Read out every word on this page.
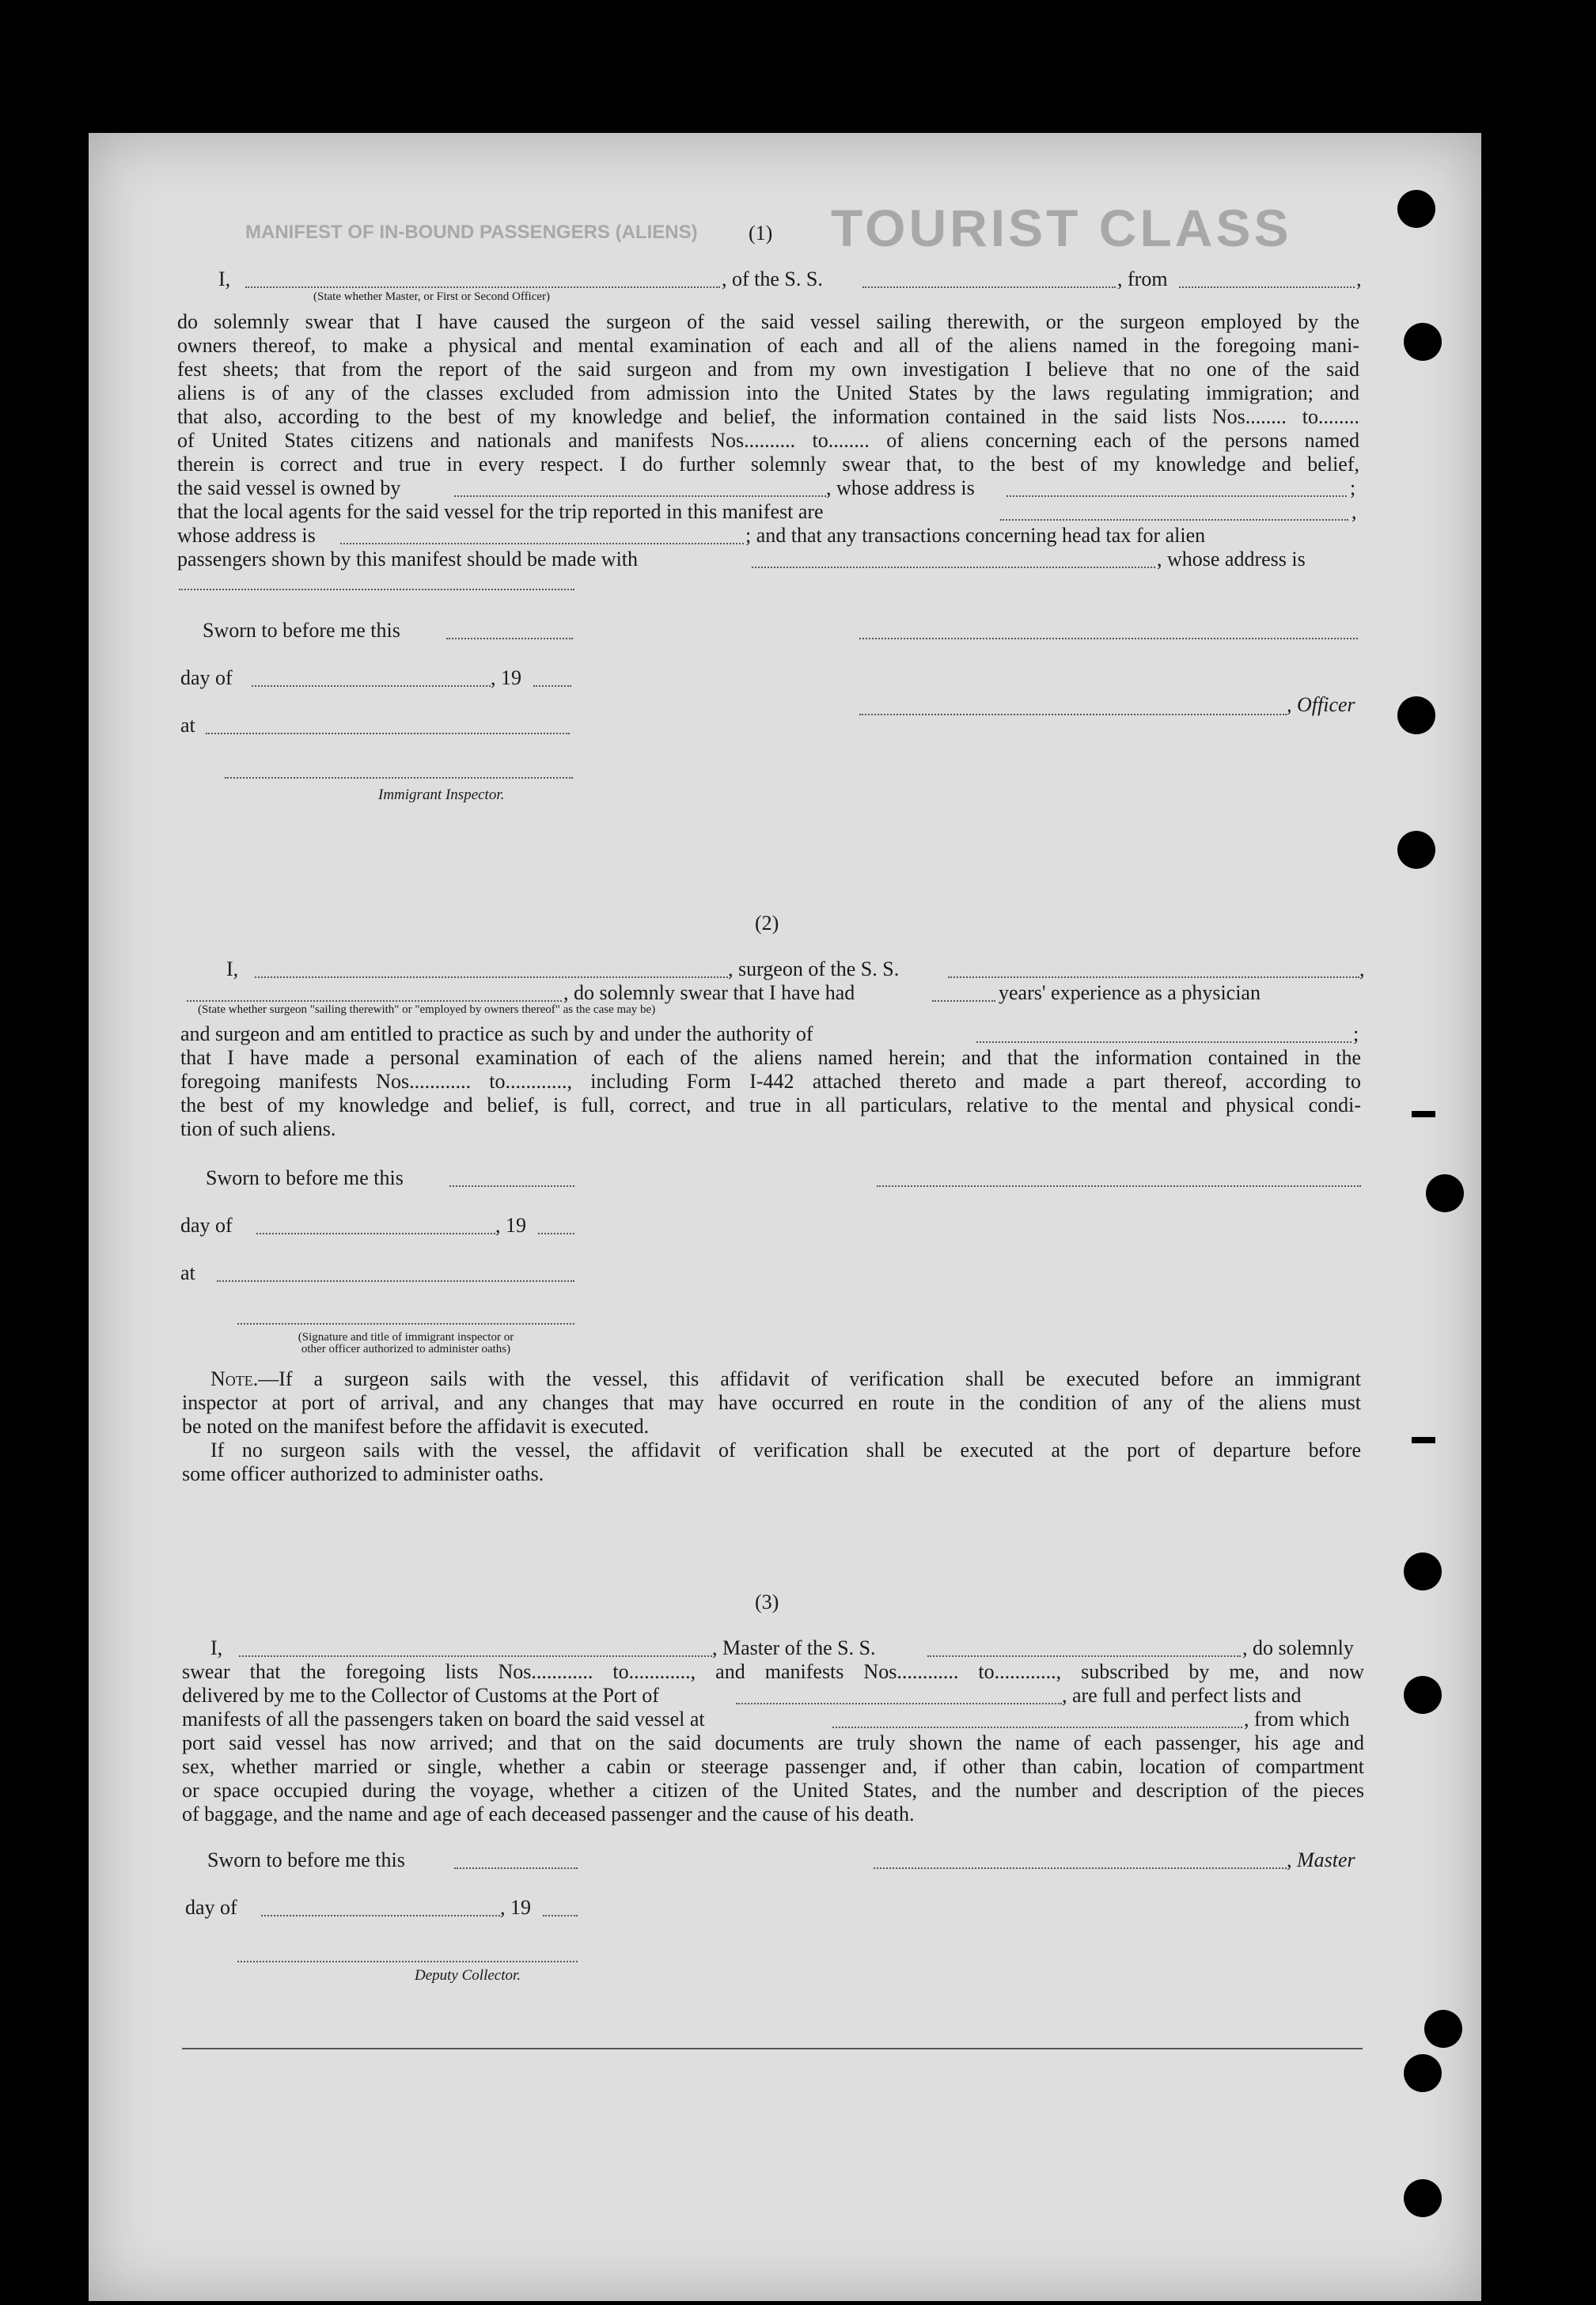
TOURIST CLASS
MANIFEST OF IN-BOUND PASSENGERS (ALIENS) (1)
I,	, of the S. S.	, from	,
(State whether Master, or First or Second Officer)
do solemnly swear that I have caused the surgeon of the said vessel sailing therewith, or the surgeon employed by the
owners thereof, to make a physical and mental examination of each and all of the aliens named in the foregoing mani-
fest sheets; that from the report of the said surgeon and from my own investigation I believe that no one of the said
aliens is of any of the classes excluded from admission into the United States by the laws regulating immigration; and
that also, according to the best of my knowledge and belief, the information contained in the said lists Nos........ to........
of United States citizens and nationals and manifests Nos.......... to........ of aliens concerning each of the persons named
therein is correct and true in every respect. I do further solemnly swear that, to the best of my knowledge and belief,
the said vessel is owned by	, whose address is	;
that the local agents for the said vessel for the trip reported in this manifest are	,
whose address is	; and that any transactions concerning head tax for alien
passengers shown by this manifest should be made with	, whose address is
Sworn to before me this
day of	, 19
, Officer
at
Immigrant Inspector.
(2)
I,	, surgeon of the S. S.	,
, do solemnly swear that I have had	years' experience as a physician
(State whether surgeon "sailing therewith" or "employed by owners thereof" as the case may be)
and surgeon and am entitled to practice as such by and under the authority of	;
that I have made a personal examination of each of the aliens named herein; and that the information contained in the
foregoing manifests Nos............ to............, including Form I-442 attached thereto and made a part thereof, according to
the best of my knowledge and belief, is full, correct, and true in all particulars, relative to the mental and physical condi-
tion of such aliens.
Sworn to before me this
day of	, 19
at
(Signature and title of immigrant inspector or
other officer authorized to administer oaths)
Note.—If a surgeon sails with the vessel, this affidavit of verification shall be executed before an immigrant
inspector at port of arrival, and any changes that may have occurred en route in the condition of any of the aliens must
be noted on the manifest before the affidavit is executed.
If no surgeon sails with the vessel, the affidavit of verification shall be executed at the port of departure before
some officer authorized to administer oaths.
(3)
I,	, Master of the S. S.	, do solemnly
swear that the foregoing lists Nos............ to............, and manifests Nos............ to............, subscribed by me, and now
delivered by me to the Collector of Customs at the Port of	, are full and perfect lists and
manifests of all the passengers taken on board the said vessel at	, from which
port said vessel has now arrived; and that on the said documents are truly shown the name of each passenger, his age and
sex, whether married or single, whether a cabin or steerage passenger and, if other than cabin, location of compartment
or space occupied during the voyage, whether a citizen of the United States, and the number and description of the pieces
of baggage, and the name and age of each deceased passenger and the cause of his death.
Sworn to before me this	, Master
day of	, 19
Deputy Collector.
